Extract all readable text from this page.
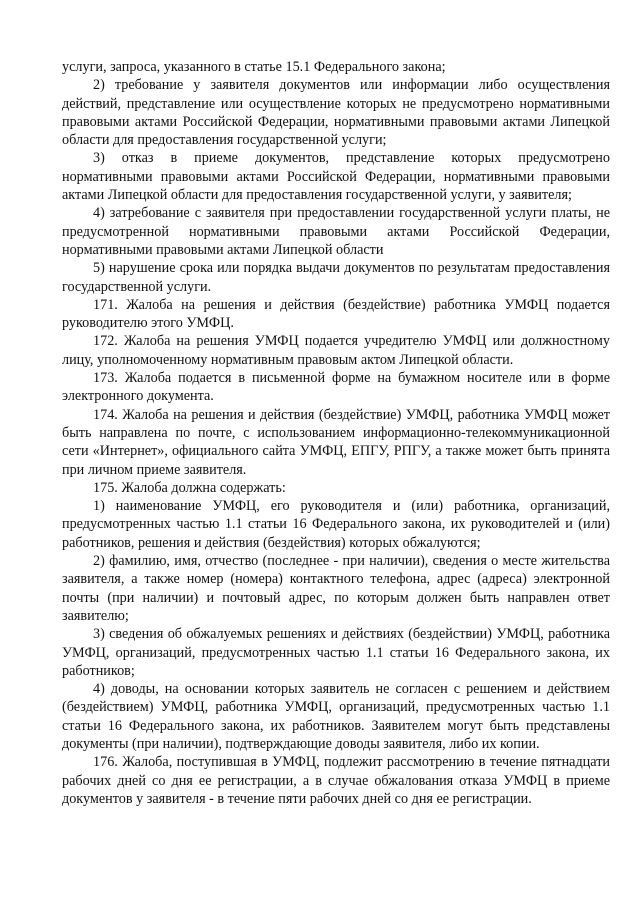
услуги, запроса, указанного в статье 15.1 Федерального закона;

2) требование у заявителя документов или информации либо осуществления действий, представление или осуществление которых не предусмотрено нормативными правовыми актами Российской Федерации, нормативными правовыми актами Липецкой области для предоставления государственной услуги;

3) отказ в приеме документов, представление которых предусмотрено нормативными правовыми актами Российской Федерации, нормативными правовыми актами Липецкой области для предоставления государственной услуги, у заявителя;

4) затребование с заявителя при предоставлении государственной услуги платы, не предусмотренной нормативными правовыми актами Российской Федерации, нормативными правовыми актами Липецкой области

5) нарушение срока или порядка выдачи документов по результатам предоставления государственной услуги.

171. Жалоба на решения и действия (бездействие) работника УМФЦ подается руководителю этого УМФЦ.

172. Жалоба на решения УМФЦ подается учредителю УМФЦ или должностному лицу, уполномоченному нормативным правовым актом Липецкой области.

173. Жалоба подается в письменной форме на бумажном носителе или в форме электронного документа.

174. Жалоба на решения и действия (бездействие) УМФЦ, работника УМФЦ может быть направлена по почте, с использованием информационно-телекоммуникационной сети «Интернет», официального сайта УМФЦ, ЕПГУ, РПГУ, а также может быть принята при личном приеме заявителя.

175. Жалоба должна содержать:

1) наименование УМФЦ, его руководителя и (или) работника, организаций, предусмотренных частью 1.1 статьи 16 Федерального закона, их руководителей и (или) работников, решения и действия (бездействия) которых обжалуются;

2) фамилию, имя, отчество (последнее - при наличии), сведения о месте жительства заявителя, а также номер (номера) контактного телефона, адрес (адреса) электронной почты (при наличии) и почтовый адрес, по которым должен быть направлен ответ заявителю;

3) сведения об обжалуемых решениях и действиях (бездействии) УМФЦ, работника УМФЦ, организаций, предусмотренных частью 1.1 статьи 16 Федерального закона, их работников;

4) доводы, на основании которых заявитель не согласен с решением и действием (бездействием) УМФЦ, работника УМФЦ, организаций, предусмотренных частью 1.1 статьи 16 Федерального закона, их работников. Заявителем могут быть представлены документы (при наличии), подтверждающие доводы заявителя, либо их копии.

176. Жалоба, поступившая в УМФЦ, подлежит рассмотрению в течение пятнадцати рабочих дней со дня ее регистрации, а в случае обжалования отказа УМФЦ в приеме документов у заявителя - в течение пяти рабочих дней со дня ее регистрации.
